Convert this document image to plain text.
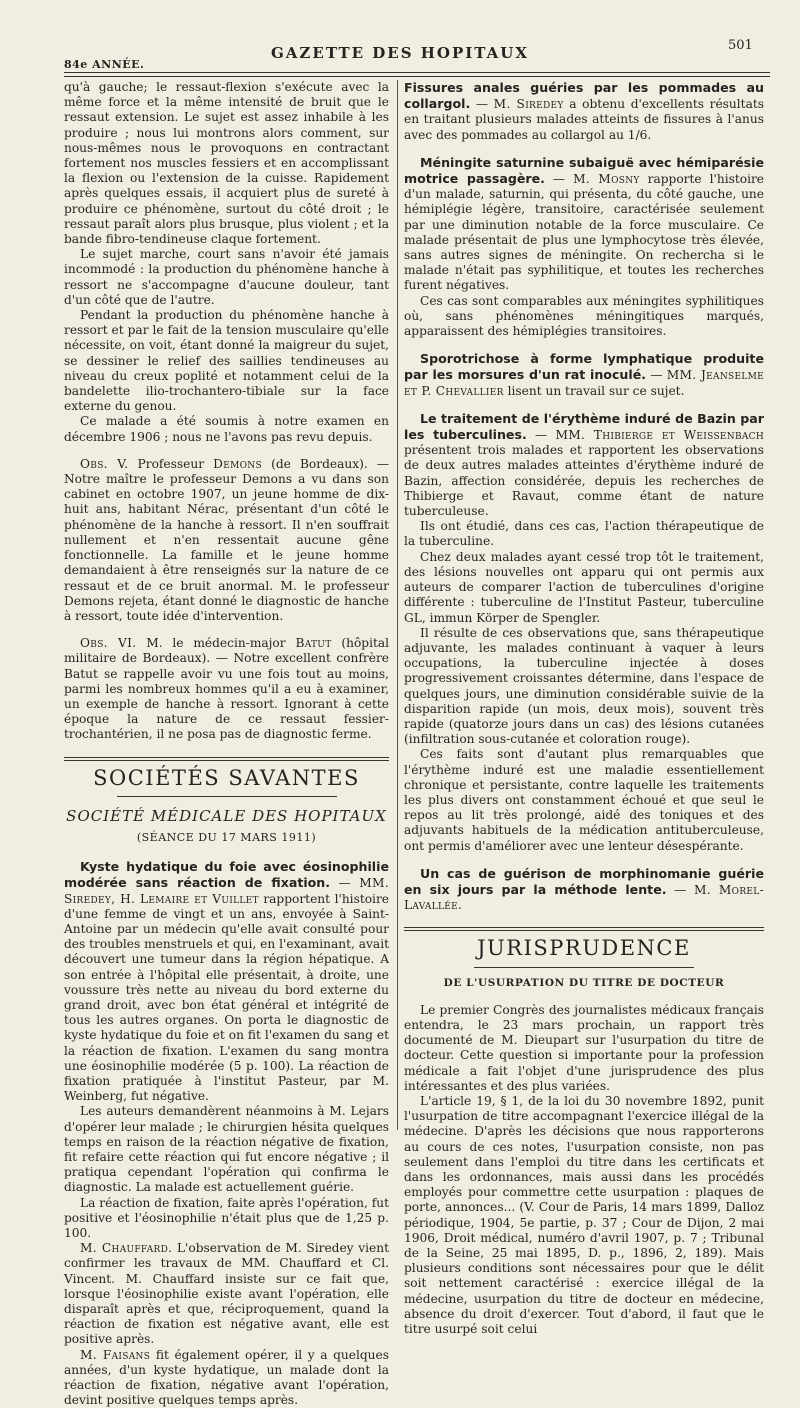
84e ANNÉE.
GAZETTE DES HOPITAUX	501

qu'à gauche; le ressaut-flexion s'exécute avec la même force et la même intensité de bruit que le ressaut extension. Le sujet est assez inhabile à les produire ; nous lui montrons alors comment, sur nous-mêmes nous le provoquons en contractant fortement nos muscles fessiers et en accomplissant la flexion ou l'extension de la cuisse. Rapidement après quelques essais, il acquiert plus de sureté à produire ce phénomène, surtout du côté droit ; le ressaut paraît alors plus brusque, plus violent ; et la bande fibro-tendineuse claque fortement.

Le sujet marche, court sans n'avoir été jamais incommodé : la production du phénomène hanche à ressort ne s'accompagne d'aucune douleur, tant d'un côté que de l'autre.

Pendant la production du phénomène hanche à ressort et par le fait de la tension musculaire qu'elle nécessite, on voit, étant donné la maigreur du sujet, se dessiner le relief des saillies tendineuses au niveau du creux poplité et notamment celui de la bandelette ilio-trochantero-tibiale sur la face externe du genou.

Ce malade a été soumis à notre examen en décembre 1906 ; nous ne l'avons pas revu depuis.

Obs. V. Professeur Demons (de Bordeaux). — Notre maître le professeur Demons a vu dans son cabinet en octobre 1907, un jeune homme de dix-huit ans, habitant Nérac, présentant d'un côté le phénomène de la hanche à ressort. Il n'en souffrait nullement et n'en ressentait aucune gêne fonctionnelle. La famille et le jeune homme demandaient à être renseignés sur la nature de ce ressaut et de ce bruit anormal. M. le professeur Demons rejeta, étant donné le diagnostic de hanche à ressort, toute idée d'intervention.

Obs. VI. M. le médecin-major Batut (hôpital militaire de Bordeaux). — Notre excellent confrère Batut se rappelle avoir vu une fois tout au moins, parmi les nombreux hommes qu'il a eu à examiner, un exemple de hanche à ressort. Ignorant à cette époque la nature de ce ressaut fessier-trochantérien, il ne posa pas de diagnostic ferme.

SOCIÉTÉS SAVANTES
SOCIÉTÉ MÉDICALE DES HOPITAUX
(SÉANCE DU 17 MARS 1911)

Kyste hydatique du foie avec éosinophilie modérée sans réaction de fixation. — MM. Siredey, H. Lemaire et Vuillet rapportent l'histoire d'une femme de vingt et un ans, envoyée à Saint-Antoine par un médecin qu'elle avait consulté pour des troubles menstruels et qui, en l'examinant, avait découvert une tumeur dans la région hépatique. A son entrée à l'hôpital elle présentait, à droite, une voussure très nette au niveau du bord externe du grand droit, avec bon état général et intégrité de tous les autres organes. On porta le diagnostic de kyste hydatique du foie et on fit l'examen du sang et la réaction de fixation. L'examen du sang montra une éosinophilie modérée (5 p. 100). La réaction de fixation pratiquée à l'institut Pasteur, par M. Weinberg, fut négative.

Les auteurs demandèrent néanmoins à M. Lejars d'opérer leur malade ; le chirurgien hésita quelques temps en raison de la réaction négative de fixation, fit refaire cette réaction qui fut encore négative ; il pratiqua cependant l'opération qui confirma le diagnostic. La malade est actuellement guérie.

La réaction de fixation, faite après l'opération, fut positive et l'éosinophilie n'était plus que de 1,25 p. 100.

M. Chauffard. L'observation de M. Siredey vient confirmer les travaux de MM. Chauffard et Cl. Vincent. M. Chauffard insiste sur ce fait que, lorsque l'éosinophilie existe avant l'opération, elle disparaît après et que, réciproquement, quand la réaction de fixation est négative avant, elle est positive après.

M. Faisans fit également opérer, il y a quelques années, d'un kyste hydatique, un malade dont la réaction de fixation, négative avant l'opération, devint positive quelques temps après.

Fissures anales guéries par les pommades au collargol. — M. Siredey a obtenu d'excellents résultats en traitant plusieurs malades atteints de fissures à l'anus avec des pommades au collargol au 1/6.

Méningite saturnine subaiguë avec hémiparésie motrice passagère. — M. Mosny rapporte l'histoire d'un malade, saturnin, qui présenta, du côté gauche, une hémiplégie légère, transitoire, caractérisée seulement par une diminution notable de la force musculaire. Ce malade présentait de plus une lymphocytose très élevée, sans autres signes de méningite. On rechercha si le malade n'était pas syphilitique, et toutes les recherches furent négatives.

Ces cas sont comparables aux méningites syphilitiques où, sans phénomènes méningitiques marqués, apparaissent des hémiplégies transitoires.

Sporotrichose à forme lymphatique produite par les morsures d'un rat inoculé. — MM. Jeanselme et P. Chevallier lisent un travail sur ce sujet.

Le traitement de l'érythème induré de Bazin par les tuberculines. — MM. Thibierge et Weissenbach présentent trois malades et rapportent les observations de deux autres malades atteintes d'érythème induré de Bazin, affection considérée, depuis les recherches de Thibierge et Ravaut, comme étant de nature tuberculeuse.

Ils ont étudié, dans ces cas, l'action thérapeutique de la tuberculine.

Chez deux malades ayant cessé trop tôt le traitement, des lésions nouvelles ont apparu qui ont permis aux auteurs de comparer l'action de tuberculines d'origine différente : tuberculine de l'Institut Pasteur, tuberculine GL, immun Körper de Spengler.

Il résulte de ces observations que, sans thérapeutique adjuvante, les malades continuant à vaquer à leurs occupations, la tuberculine injectée à doses progressivement croissantes détermine, dans l'espace de quelques jours, une diminution considérable suivie de la disparition rapide (un mois, deux mois), souvent très rapide (quatorze jours dans un cas) des lésions cutanées (infiltration sous-cutanée et coloration rouge).

Ces faits sont d'autant plus remarquables que l'érythème induré est une maladie essentiellement chronique et persistante, contre laquelle les traitements les plus divers ont constamment échoué et que seul le repos au lit très prolongé, aidé des toniques et des adjuvants habituels de la médication antituberculeuse, ont permis d'améliorer avec une lenteur désespérante.

Un cas de guérison de morphinomanie guérie en six jours par la méthode lente. — M. Morel-Lavallée.

JURISPRUDENCE
DE L'USURPATION DU TITRE DE DOCTEUR

Le premier Congrès des journalistes médicaux français entendra, le 23 mars prochain, un rapport très documenté de M. Dieupart sur l'usurpation du titre de docteur. Cette question si importante pour la profession médicale a fait l'objet d'une jurisprudence des plus intéressantes et des plus variées.

L'article 19, § 1, de la loi du 30 novembre 1892, punit l'usurpation de titre accompagnant l'exercice illégal de la médecine. D'après les décisions que nous rapporterons au cours de ces notes, l'usurpation consiste, non pas seulement dans l'emploi du titre dans les certificats et dans les ordonnances, mais aussi dans les procédés employés pour commettre cette usurpation : plaques de porte, annonces... (V. Cour de Paris, 14 mars 1899, Dalloz périodique, 1904, 5e partie, p. 37 ; Cour de Dijon, 2 mai 1906, Droit médical, numéro d'avril 1907, p. 7 ; Tribunal de la Seine, 25 mai 1895, D. p., 1896, 2, 189). Mais plusieurs conditions sont nécessaires pour que le délit soit nettement caractérisé : exercice illégal de la médecine, usurpation du titre de docteur en médecine, absence du droit d'exercer. Tout d'abord, il faut que le titre usurpé soit celui
